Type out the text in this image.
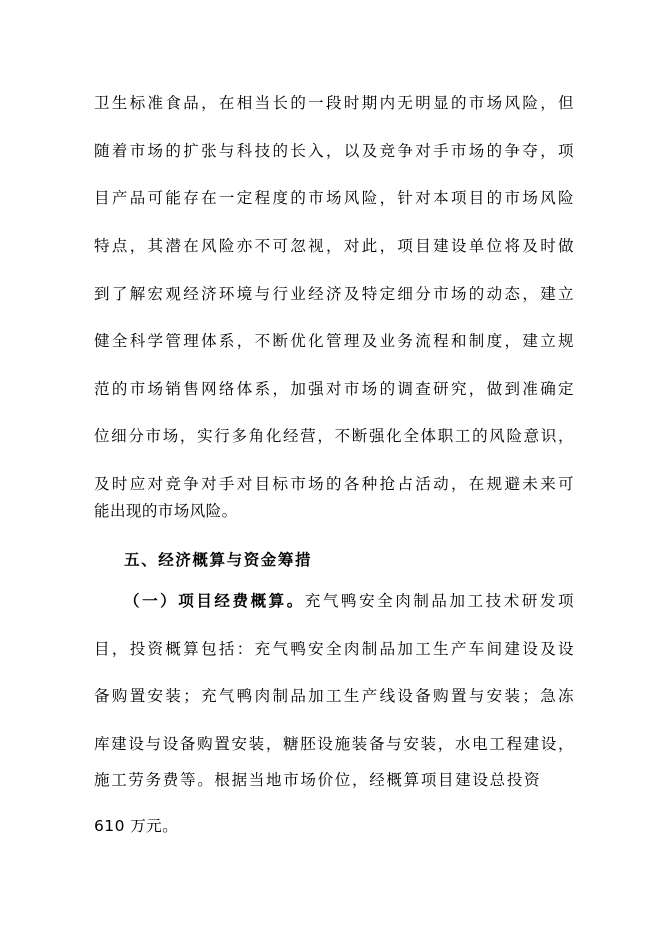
卫生标准食品，在相当长的一段时期内无明显的市场风险，但
随着市场的扩张与科技的长入，以及竞争对手市场的争夺，项
目产品可能存在一定程度的市场风险，针对本项目的市场风险
特点，其潜在风险亦不可忽视，对此，项目建设单位将及时做
到了解宏观经济环境与行业经济及特定细分市场的动态，建立
健全科学管理体系，不断优化管理及业务流程和制度，建立规
范的市场销售网络体系，加强对市场的调查研究，做到准确定
位细分市场，实行多角化经营，不断强化全体职工的风险意识，
及时应对竞争对手对目标市场的各种抢占活动，在规避未来可
能出现的市场风险。
五、经济概算与资金筹措
（一）项目经费概算。充气鸭安全肉制品加工技术研发项
目，投资概算包括：充气鸭安全肉制品加工生产车间建设及设
备购置安装；充气鸭肉制品加工生产线设备购置与安装；急冻
库建设与设备购置安装，糖胚设施装备与安装，水电工程建设，
施工劳务费等。根据当地市场价位，经概算项目建设总投资
610 万元。
